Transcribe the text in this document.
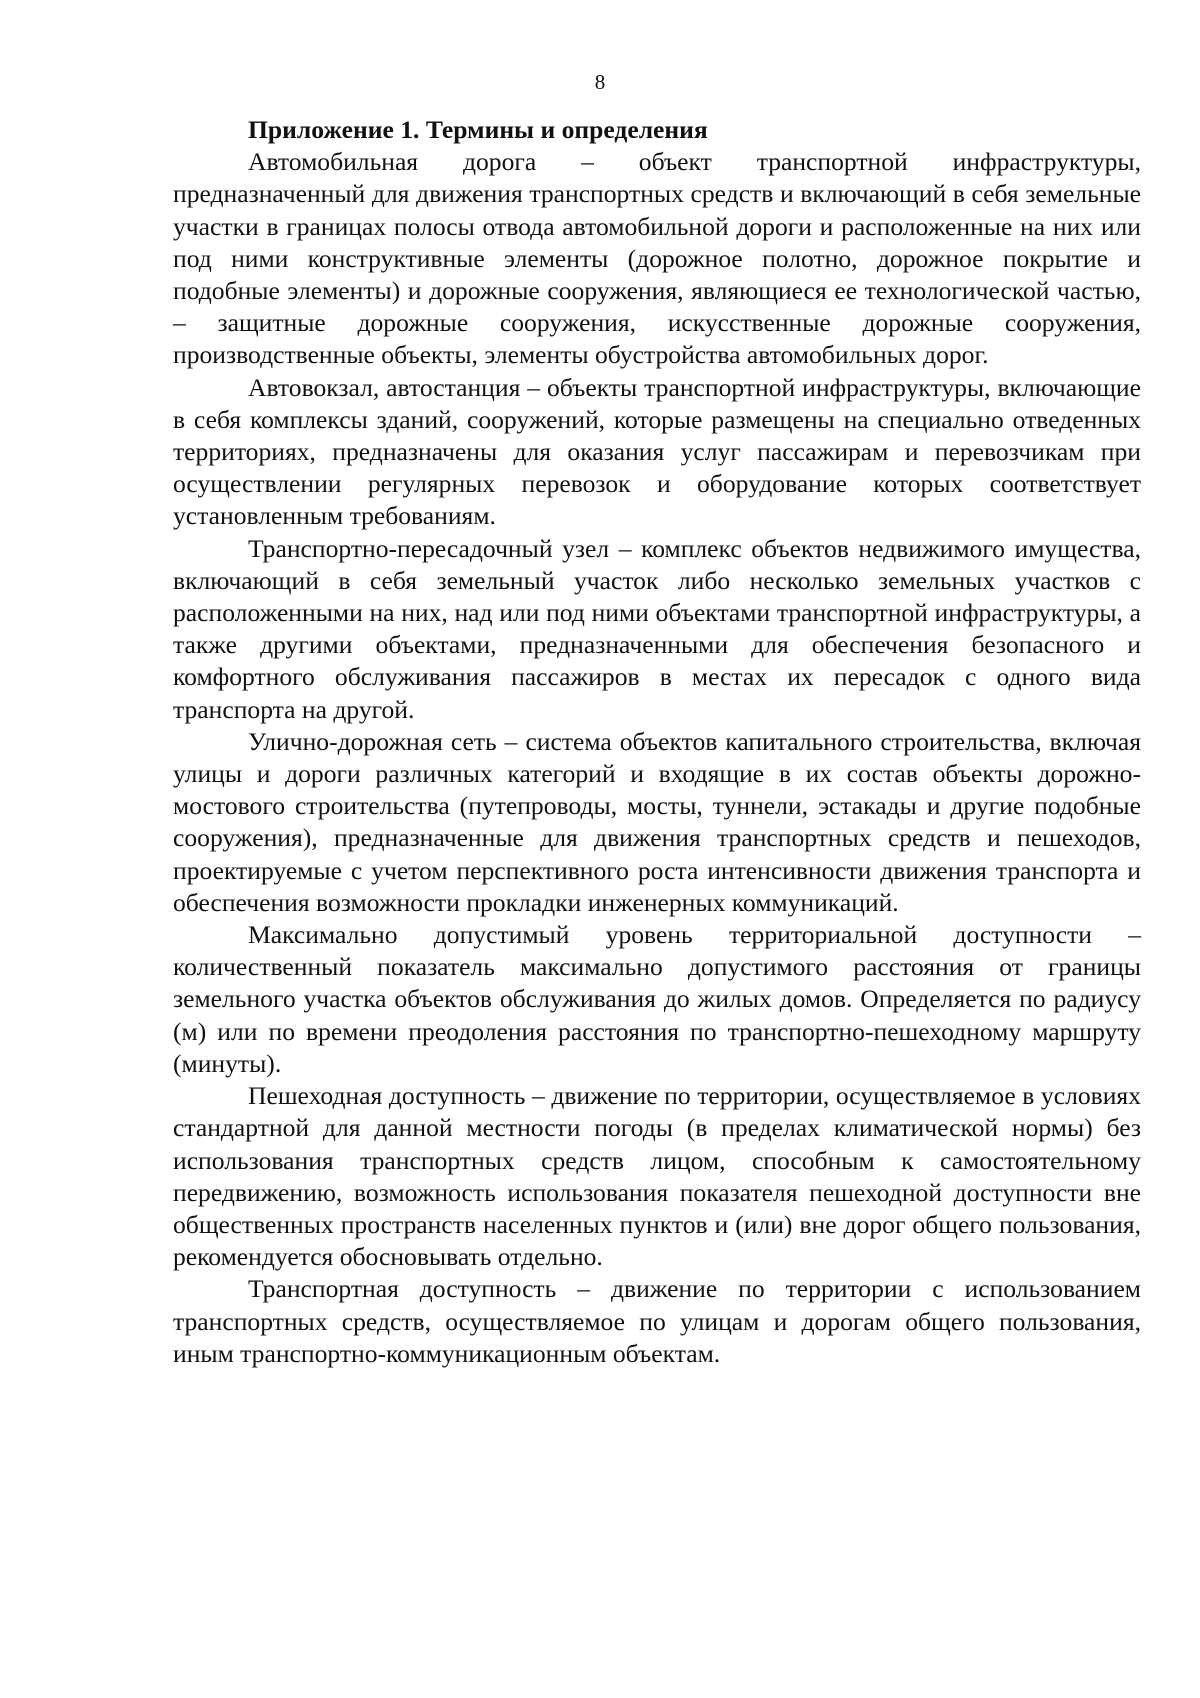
8

Приложение 1. Термины и определения

Автомобильная дорога – объект транспортной инфраструктуры, предназначенный для движения транспортных средств и включающий в себя земельные участки в границах полосы отвода автомобильной дороги и расположенные на них или под ними конструктивные элементы (дорожное полотно, дорожное покрытие и подобные элементы) и дорожные сооружения, являющиеся ее технологической частью, – защитные дорожные сооружения, искусственные дорожные сооружения, производственные объекты, элементы обустройства автомобильных дорог.

Автовокзал, автостанция – объекты транспортной инфраструктуры, включающие в себя комплексы зданий, сооружений, которые размещены на специально отведенных территориях, предназначены для оказания услуг пассажирам и перевозчикам при осуществлении регулярных перевозок и оборудование которых соответствует установленным требованиям.

Транспортно-пересадочный узел – комплекс объектов недвижимого имущества, включающий в себя земельный участок либо несколько земельных участков с расположенными на них, над или под ними объектами транспортной инфраструктуры, а также другими объектами, предназначенными для обеспечения безопасного и комфортного обслуживания пассажиров в местах их пересадок с одного вида транспорта на другой.

Улично-дорожная сеть – система объектов капитального строительства, включая улицы и дороги различных категорий и входящие в их состав объекты дорожно-мостового строительства (путепроводы, мосты, туннели, эстакады и другие подобные сооружения), предназначенные для движения транспортных средств и пешеходов, проектируемые с учетом перспективного роста интенсивности движения транспорта и обеспечения возможности прокладки инженерных коммуникаций.

Максимально допустимый уровень территориальной доступности – количественный показатель максимально допустимого расстояния от границы земельного участка объектов обслуживания до жилых домов. Определяется по радиусу (м) или по времени преодоления расстояния по транспортно-пешеходному маршруту (минуты).

Пешеходная доступность – движение по территории, осуществляемое в условиях стандартной для данной местности погоды (в пределах климатической нормы) без использования транспортных средств лицом, способным к самостоятельному передвижению, возможность использования показателя пешеходной доступности вне общественных пространств населенных пунктов и (или) вне дорог общего пользования, рекомендуется обосновывать отдельно.

Транспортная доступность – движение по территории с использованием транспортных средств, осуществляемое по улицам и дорогам общего пользования, иным транспортно-коммуникационным объектам.
